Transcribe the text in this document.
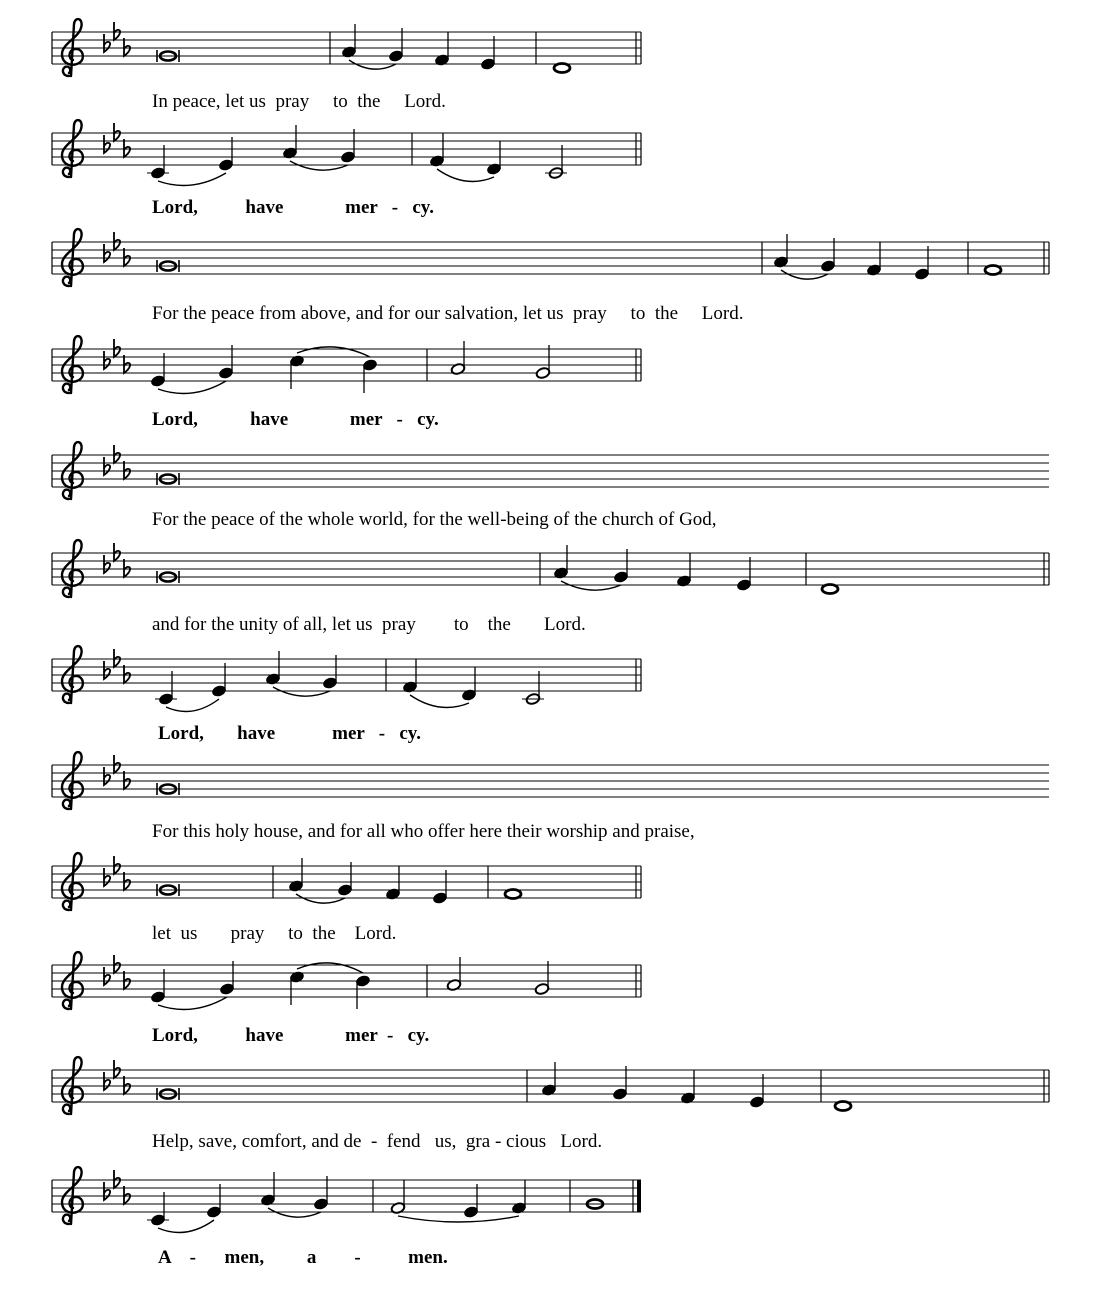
In peace, let us  pray     to  the     Lord.
Lord,          have             mer   -   cy.
For the peace from above, and for our salvation, let us  pray     to  the     Lord.
Lord,           have             mer   -   cy.
For the peace of the whole world, for the well-being of the church of God,
and for the unity of all, let us  pray        to    the       Lord.
Lord,       have            mer   -   cy.
For this holy house, and for all who offer here their worship and praise,
let  us       pray     to  the    Lord.
Lord,          have             mer  -   cy.
Help, save, comfort, and de  -  fend   us,  gra - cious   Lord.
A    -      men,         a        -          men.
